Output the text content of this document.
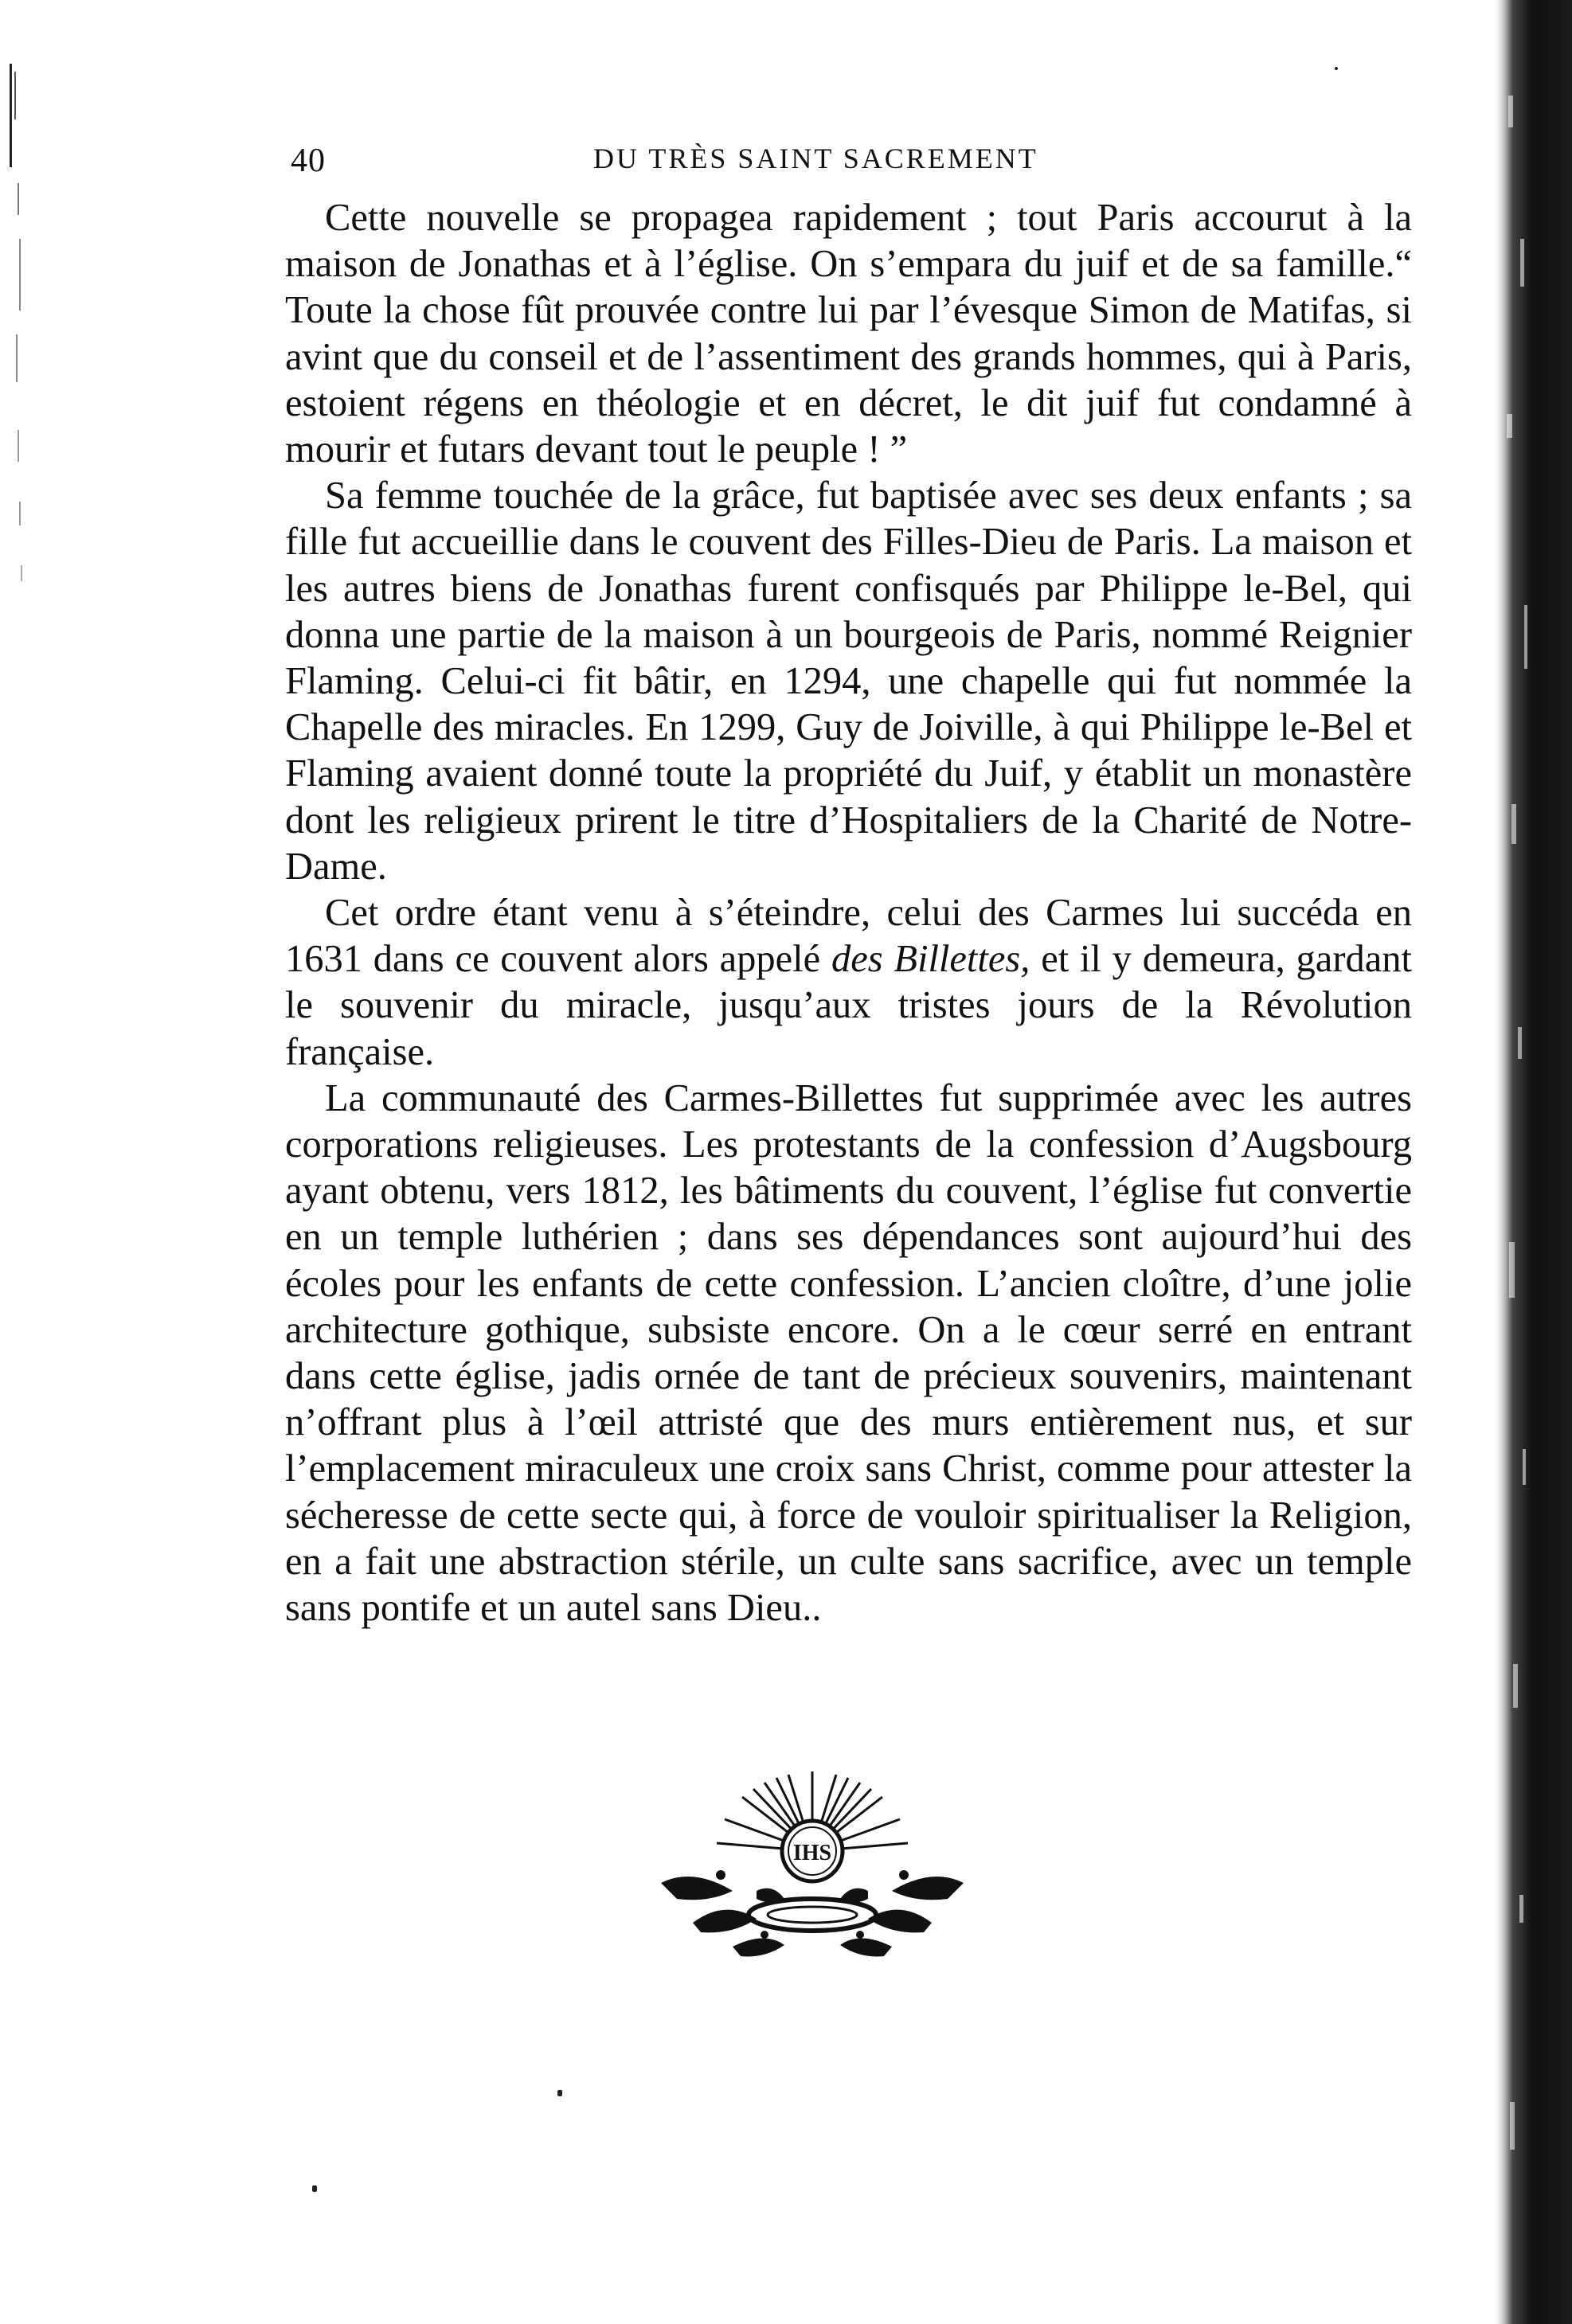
40	DU TRÈS SAINT SACREMENT

Cette nouvelle se propagea rapidement ; tout Paris accourut à la maison de Jonathas et à l’église. On s’empara du juif et de sa famille.“ Toute la chose fût prouvée contre lui par l’évesque Simon de Matifas, si avint que du conseil et de l’assentiment des grands hommes, qui à Paris, estoient régens en théologie et en décret, le dit juif fut condamné à mourir et futars devant tout le peuple ! ”

Sa femme touchée de la grâce, fut baptisée avec ses deux enfants ; sa fille fut accueillie dans le couvent des Filles-Dieu de Paris. La maison et les autres biens de Jonathas furent confisqués par Philippe le-Bel, qui donna une partie de la maison à un bourgeois de Paris, nommé Reignier Flaming. Celui-ci fit bâtir, en 1294, une chapelle qui fut nommée la Chapelle des miracles. En 1299, Guy de Joiville, à qui Philippe le-Bel et Flaming avaient donné toute la propriété du Juif, y établit un monastère dont les religieux prirent le titre d’Hospitaliers de la Charité de Notre-Dame.

Cet ordre étant venu à s’éteindre, celui des Carmes lui succéda en 1631 dans ce couvent alors appelé des Billettes, et il y demeura, gardant le souvenir du miracle, jusqu’aux tristes jours de la Révolution française.

La communauté des Carmes-Billettes fut supprimée avec les autres corporations religieuses. Les protestants de la confession d’Augsbourg ayant obtenu, vers 1812, les bâtiments du couvent, l’église fut convertie en un temple luthérien ; dans ses dépendances sont aujourd’hui des écoles pour les enfants de cette confession. L’ancien cloître, d’une jolie architecture gothique, subsiste encore. On a le cœur serré en entrant dans cette église, jadis ornée de tant de précieux souvenirs, maintenant n’offrant plus à l’œil attristé que des murs entièrement nus, et sur l’emplacement miraculeux une croix sans Christ, comme pour attester la sécheresse de cette secte qui, à force de vouloir spiritualiser la Religion, en a fait une abstraction stérile, un culte sans sacrifice, avec un temple sans pontife et un autel sans Dieu..

IHS
